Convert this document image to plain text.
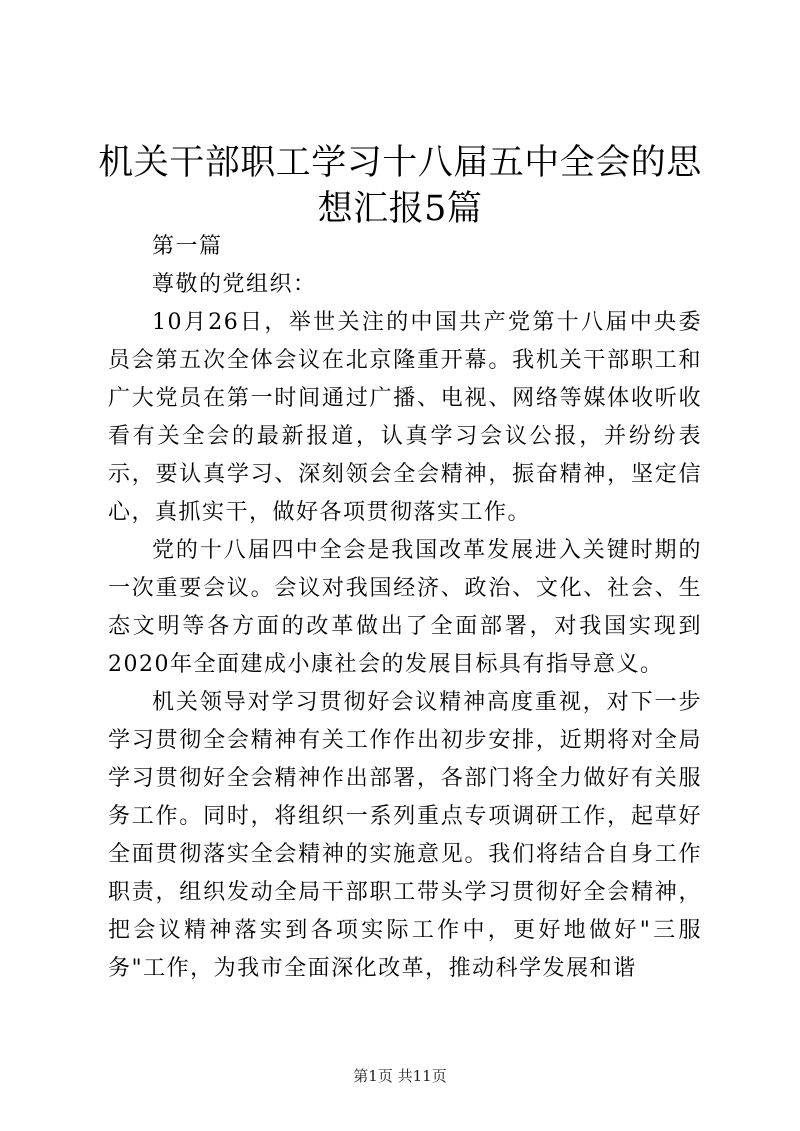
机关干部职工学习十八届五中全会的思想汇报5篇

第一篇

尊敬的党组织：

10月26日，举世关注的中国共产党第十八届中央委员会第五次全体会议在北京隆重开幕。我机关干部职工和广大党员在第一时间通过广播、电视、网络等媒体收听收看有关全会的最新报道，认真学习会议公报，并纷纷表示，要认真学习、深刻领会全会精神，振奋精神，坚定信心，真抓实干，做好各项贯彻落实工作。

党的十八届四中全会是我国改革发展进入关键时期的一次重要会议。会议对我国经济、政治、文化、社会、生态文明等各方面的改革做出了全面部署，对我国实现到2020年全面建成小康社会的发展目标具有指导意义。

机关领导对学习贯彻好会议精神高度重视，对下一步学习贯彻全会精神有关工作作出初步安排，近期将对全局学习贯彻好全会精神作出部署，各部门将全力做好有关服务工作。同时，将组织一系列重点专项调研工作，起草好全面贯彻落实全会精神的实施意见。我们将结合自身工作职责，组织发动全局干部职工带头学习贯彻好全会精神，把会议精神落实到各项实际工作中，更好地做好"三服务"工作，为我市全面深化改革，推动科学发展和谐

第1页 共11页
